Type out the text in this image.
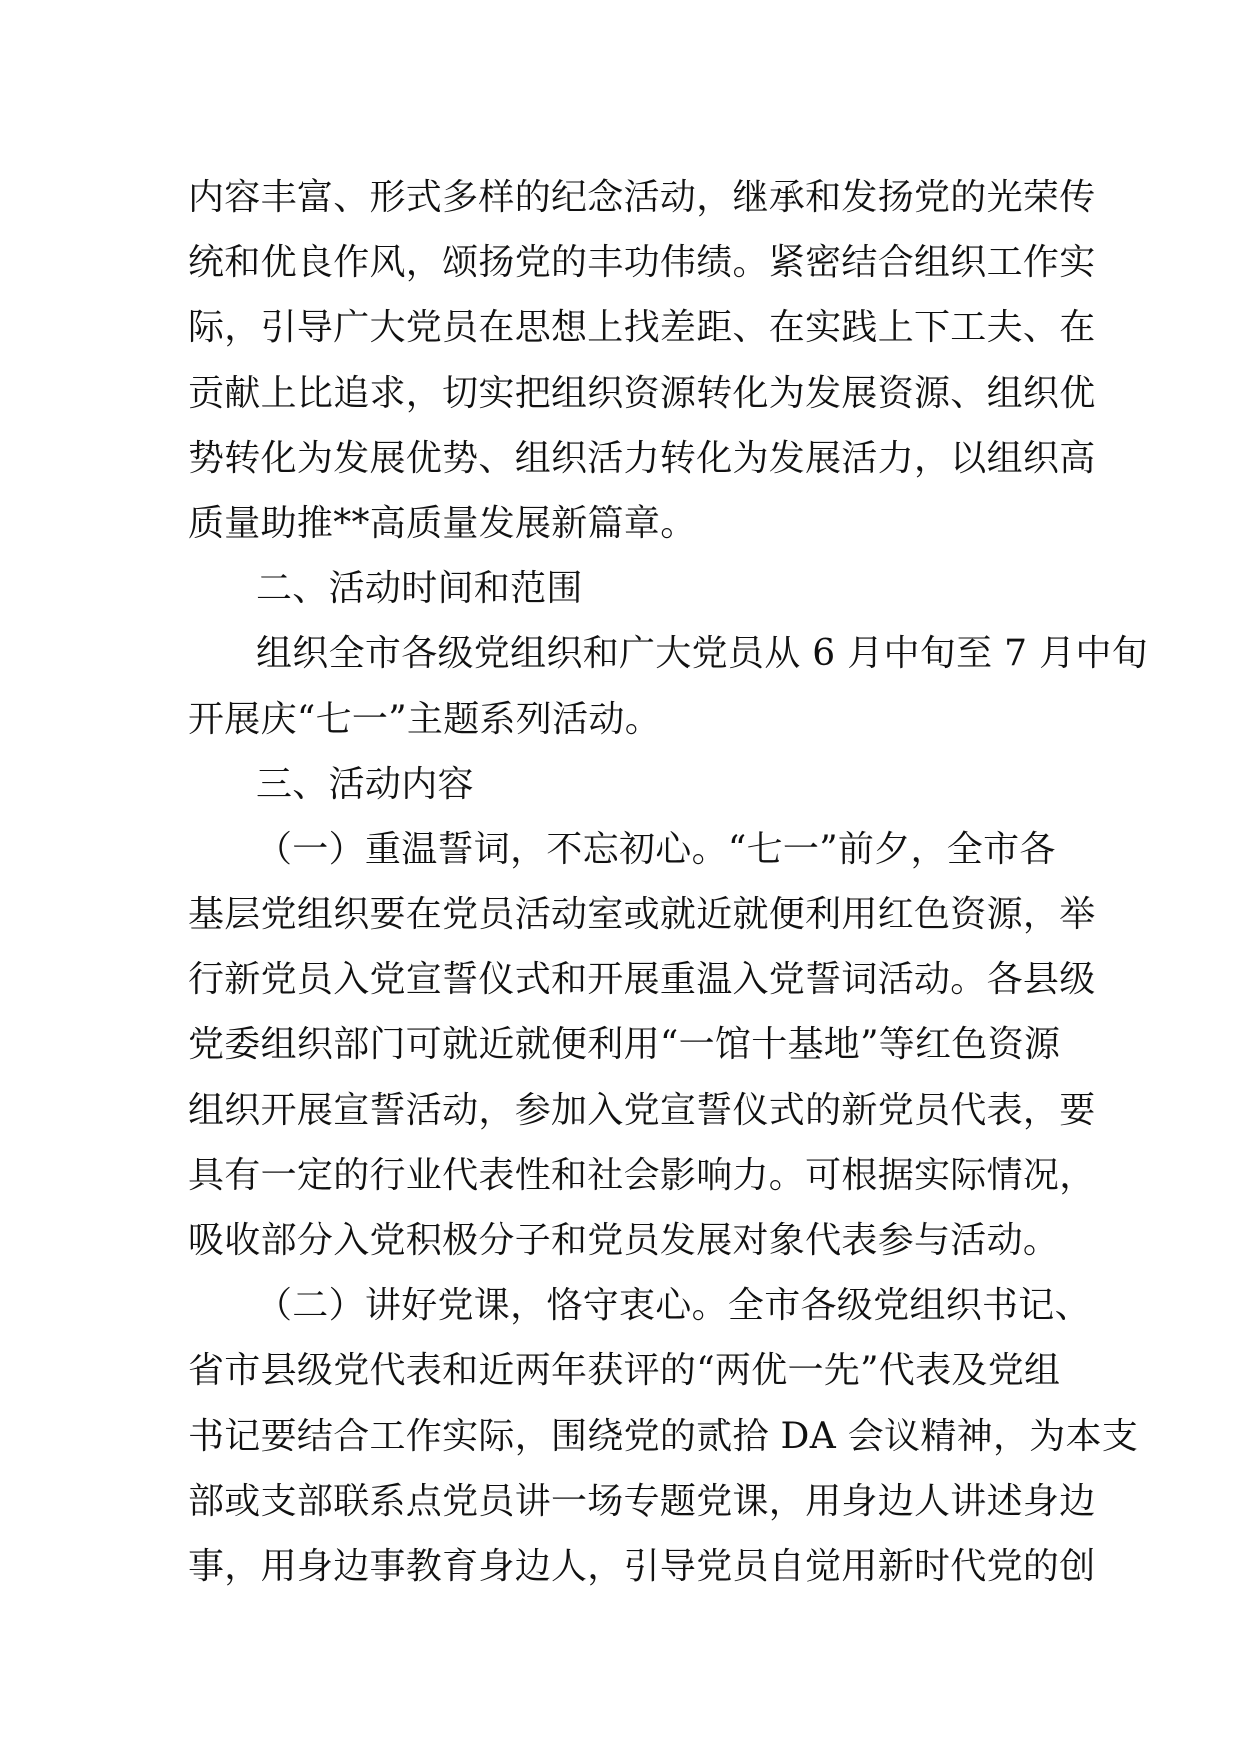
内容丰富、形式多样的纪念活动，继承和发扬党的光荣传
统和优良作风，颂扬党的丰功伟绩。紧密结合组织工作实
际，引导广大党员在思想上找差距、在实践上下工夫、在
贡献上比追求，切实把组织资源转化为发展资源、组织优
势转化为发展优势、组织活力转化为发展活力，以组织高
质量助推**高质量发展新篇章。
二、活动时间和范围
组织全市各级党组织和广大党员从 6 月中旬至 7 月中旬
开展庆“七一”主题系列活动。
三、活动内容
（一）重温誓词，不忘初心。“七一”前夕，全市各
基层党组织要在党员活动室或就近就便利用红色资源，举
行新党员入党宣誓仪式和开展重温入党誓词活动。各县级
党委组织部门可就近就便利用“一馆十基地”等红色资源
组织开展宣誓活动，参加入党宣誓仪式的新党员代表，要
具有一定的行业代表性和社会影响力。可根据实际情况，
吸收部分入党积极分子和党员发展对象代表参与活动。
（二）讲好党课，恪守衷心。全市各级党组织书记、
省市县级党代表和近两年获评的“两优一先”代表及党组
书记要结合工作实际，围绕党的贰拾 DA 会议精神，为本支
部或支部联系点党员讲一场专题党课，用身边人讲述身边
事，用身边事教育身边人，引导党员自觉用新时代党的创
